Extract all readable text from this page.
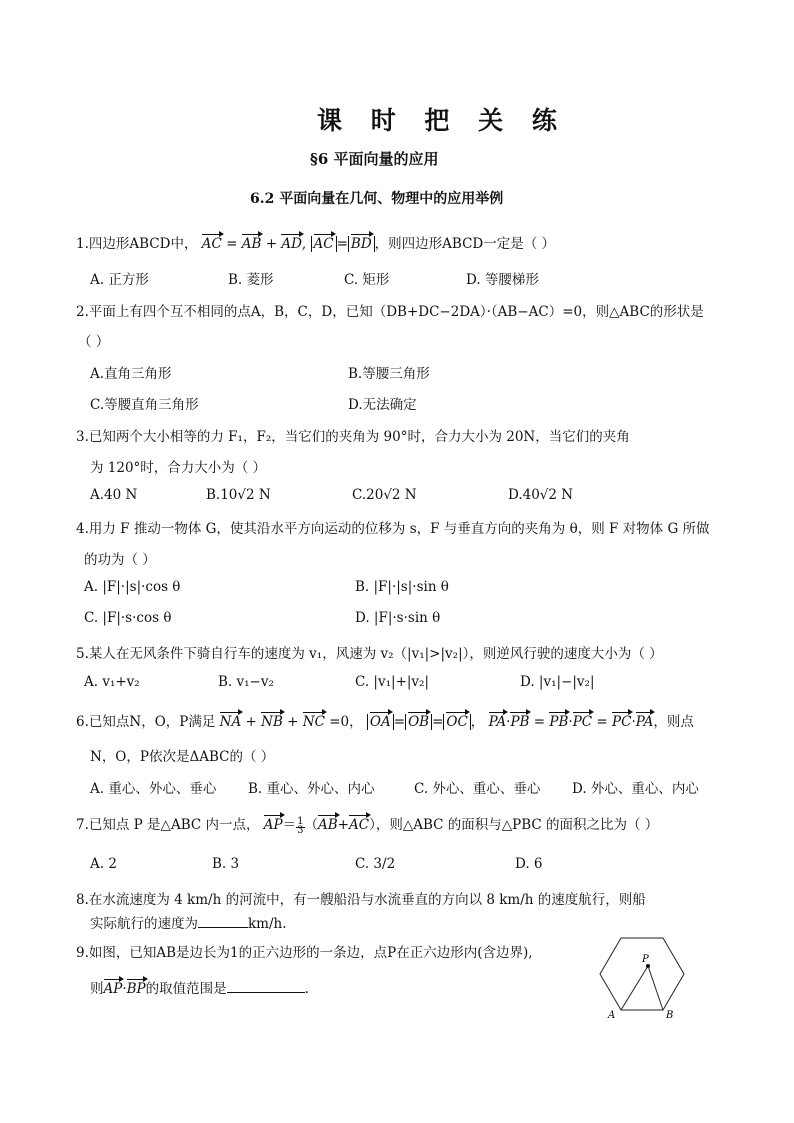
课 时 把 关 练
§6 平面向量的应用
6.2 平面向量在几何、物理中的应用举例
1.四边形ABCD中， AC = AB + AD, AC = BD ，则四边形ABCD一定是（ ）
A. 正方形	B. 菱形	C. 矩形	D. 等腰梯形
2.平面上有四个互不相同的点A，B，C，D，已知（DB+DC−2DA）·（AB−AC）=0，则△ABC的形状是
（ ）
A.直角三角形	B.等腰三角形
C.等腰直角三角形	D.无法确定
3.已知两个大小相等的力 F₁，F₂，当它们的夹角为 90°时，合力大小为 20N，当它们的夹角
为 120°时，合力大小为（ ）
A.40 N	B.10√2 N	C.20√2 N	D.40√2 N
4.用力 F 推动一物体 G，使其沿水平方向运动的位移为 s，F 与垂直方向的夹角为 θ，则 F 对物体 G 所做
的功为（ ）
A. |F|·|s|·cos θ	B. |F|·|s|·sin θ
C. |F|·s·cos θ	D. |F|·s·sin θ
5.某人在无风条件下骑自行车的速度为 v₁，风速为 v₂（|v₁|>|v₂|），则逆风行驶的速度大小为（ ）
A. v₁+v₂	B. v₁−v₂	C. |v₁|+|v₂|	D. |v₁|−|v₂|
6.已知点N，O，P满足 NA + NB + NC =0， OA = OB = OC ， PA·PB = PB·PC = PC·PA，则点
N，O，P依次是ΔABC的（ ）
A. 重心、外心、垂心 B. 重心、外心、内心	C. 外心、重心、垂心 D. 外心、重心、内心
7.已知点 P 是△ABC 内一点， AP＝1
3（AB+AC），则△ABC 的面积与△PBC 的面积之比为（ ）
A. 2	B. 3	C. 3/2	D. 6
8.在水流速度为 4 km/h 的河流中，有一艘船沿与水流垂直的方向以 8 km/h 的速度航行，则船
实际航行的速度为	km/h.
9.如图，已知AB是边长为1的正六边形的一条边，点P在正六边形内(含边界),
则AP·BP的取值范围是	.
P
A	B
